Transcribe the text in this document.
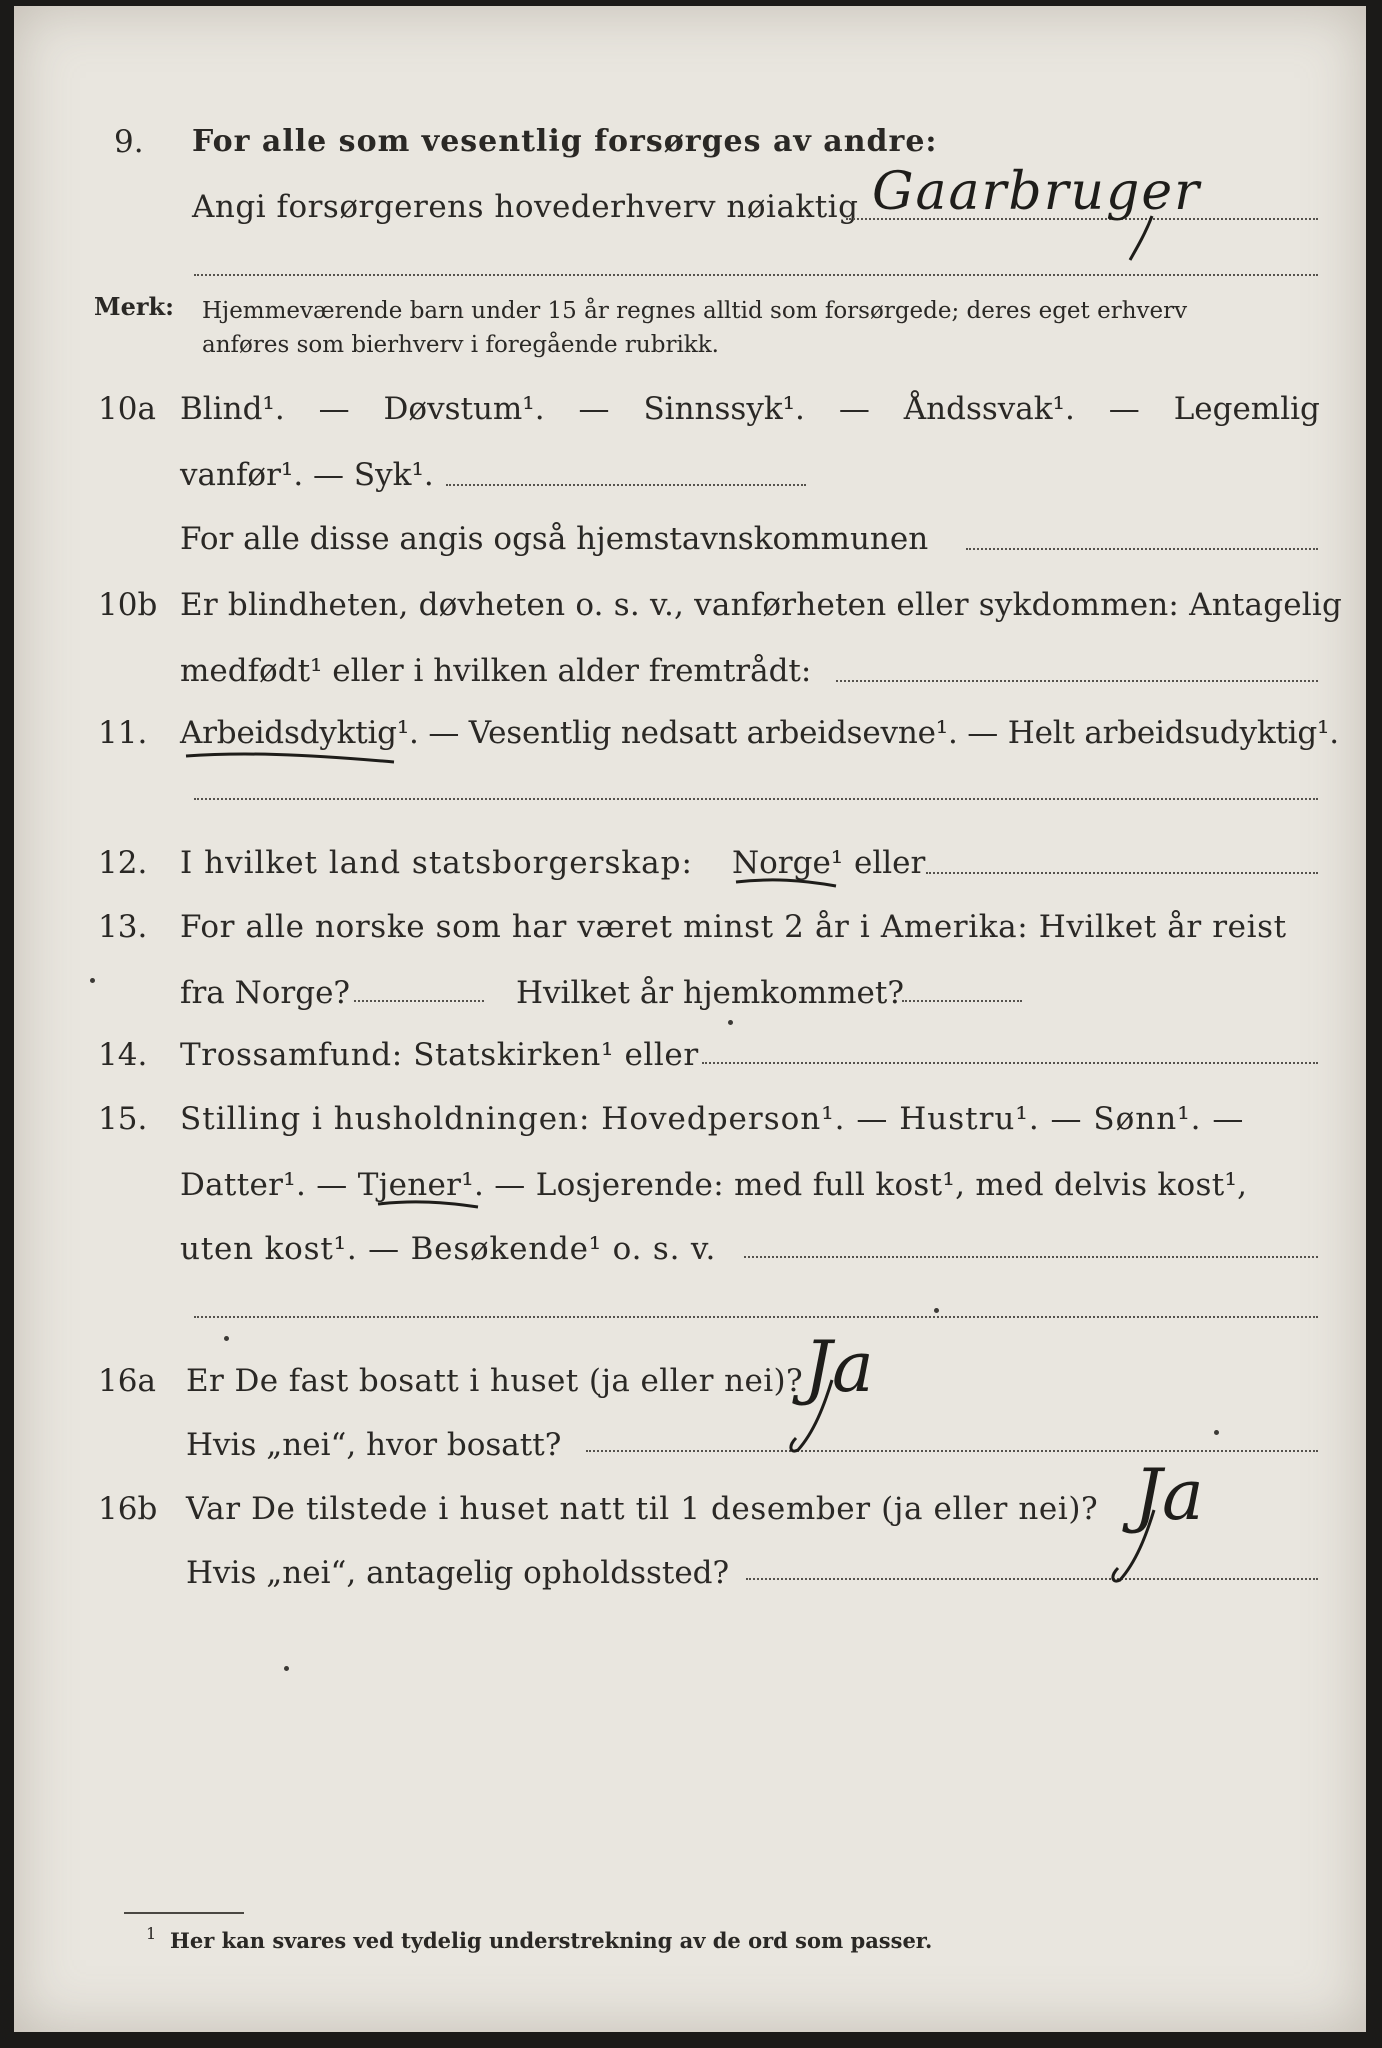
9. For alle som vesentlig forsørges av andre:
Angi forsørgerens hovederhverv nøiaktig Gaarbruger
Merk: Hjemmeværende barn under 15 år regnes alltid som forsørgede; deres eget erhverv
anføres som bierhverv i foregående rubrikk.
10a Blind¹. — Døvstum¹. — Sinnssyk¹. — Åndssvak¹. — Legemlig
vanfør¹. — Syk¹.
For alle disse angis også hjemstavnskommunen
10b Er blindheten, døvheten o. s. v., vanførheten eller sykdommen: Antagelig
medfødt¹ eller i hvilken alder fremtrådt:
11. Arbeidsdyktig¹. — Vesentlig nedsatt arbeidsevne¹. — Helt arbeidsudyktig¹.
12. I hvilket land statsborgerskap: Norge¹ eller
13. For alle norske som har været minst 2 år i Amerika: Hvilket år reist
fra Norge?	Hvilket år hjemkommet?
14. Trossamfund: Statskirken¹ eller
15. Stilling i husholdningen: Hovedperson¹. — Hustru¹. — Sønn¹. —
Datter¹. — Tjener¹. — Losjerende: med full kost¹, med delvis kost¹,
uten kost¹. — Besøkende¹ o. s. v.
16a Er De fast bosatt i huset (ja eller nei)?
Hvis „nei“, hvor bosatt?
Ja
16b Var De tilstede i huset natt til 1 desember (ja eller nei)?
Hvis „nei“, antagelig opholdssted?
Ja
1 Her kan svares ved tydelig understrekning av de ord som passer.
